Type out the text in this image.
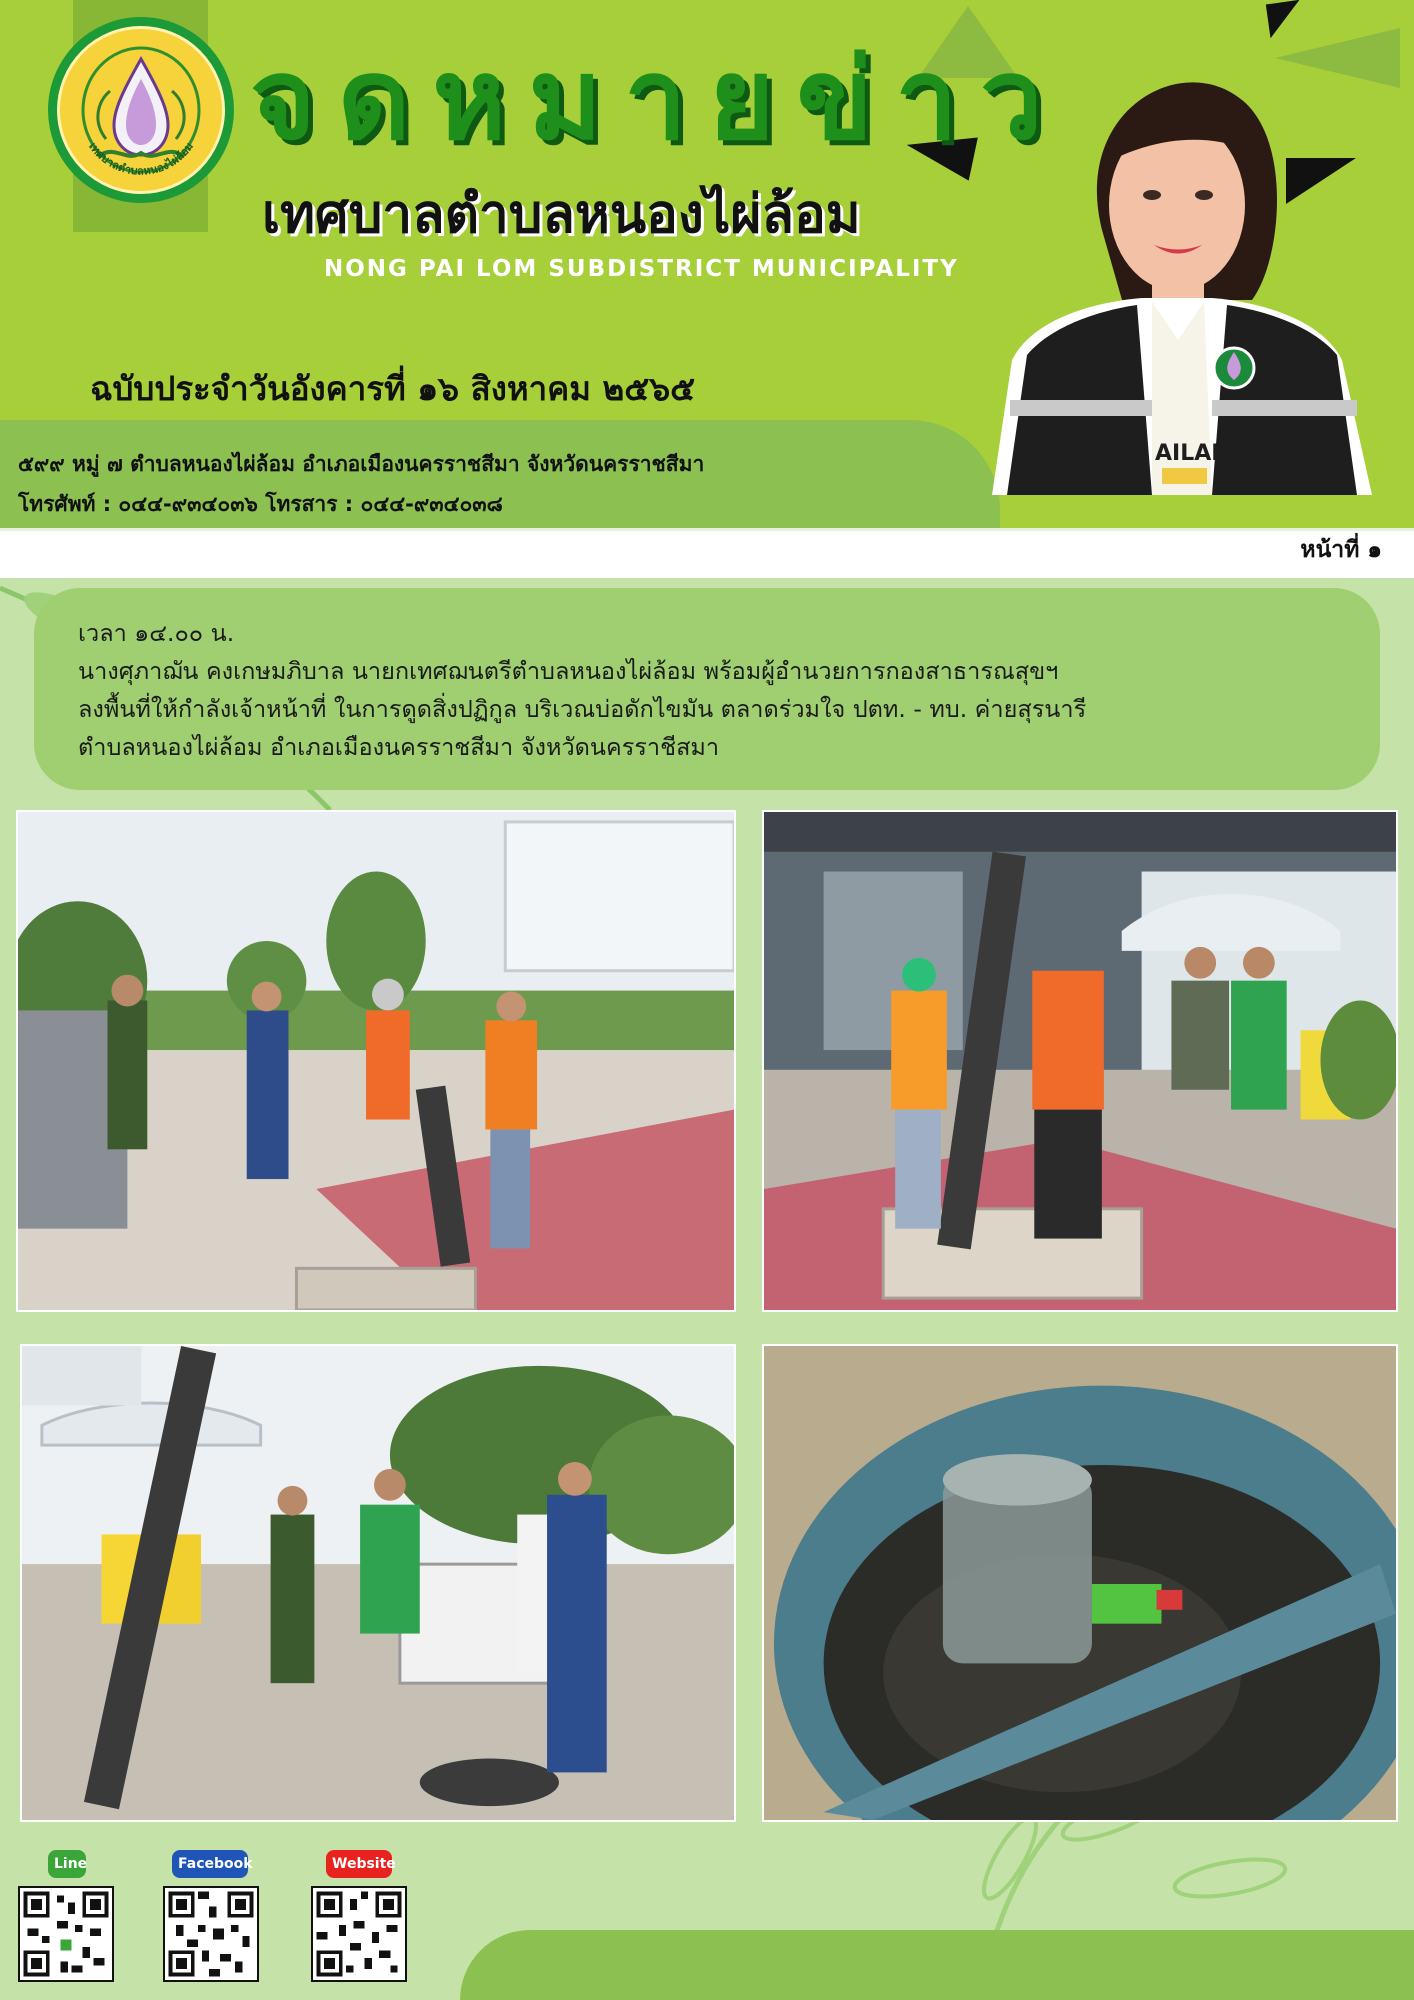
เทศบาลตำบลหนองไผ่ล้อม จดหมายข่าว
เทศบาลตำบลหนองไผ่ล้อม
NONG PAI LOM SUBDISTRICT MUNICIPALITY
ฉบับประจำวันอังคารที่ ๑๖ สิงหาคม ๒๕๖๕
๕๙๙ หมู่ ๗ ตำบลหนองไผ่ล้อม อำเภอเมืองนครราชสีมา จังหวัดนครราชสีมา
โทรศัพท์ : ๐๔๔-๙๓๔๐๓๖ โทรสาร : ๐๔๔-๙๓๔๐๓๘
AILAND
หน้าที่ ๑
เวลา ๑๔.๐๐ น.
นางศุภาฌัน คงเกษมภิบาล นายกเทศฌนตรีตำบลหนองไผ่ล้อม พร้อมผู้อำนวยการกองสาธารณสุขฯ
ลงพื้นที่ให้กำลังเจ้าหน้าที่ ในการดูดสิ่งปฏิกูล บริเวณบ่อดักไขมัน ตลาดร่วมใจ ปตท. - ทบ. ค่ายสุรนารี
ตำบลหนองไผ่ล้อม อำเภอเมืองนครราชสีมา จังหวัดนครราชีสมา
Line	Facebook	Website
